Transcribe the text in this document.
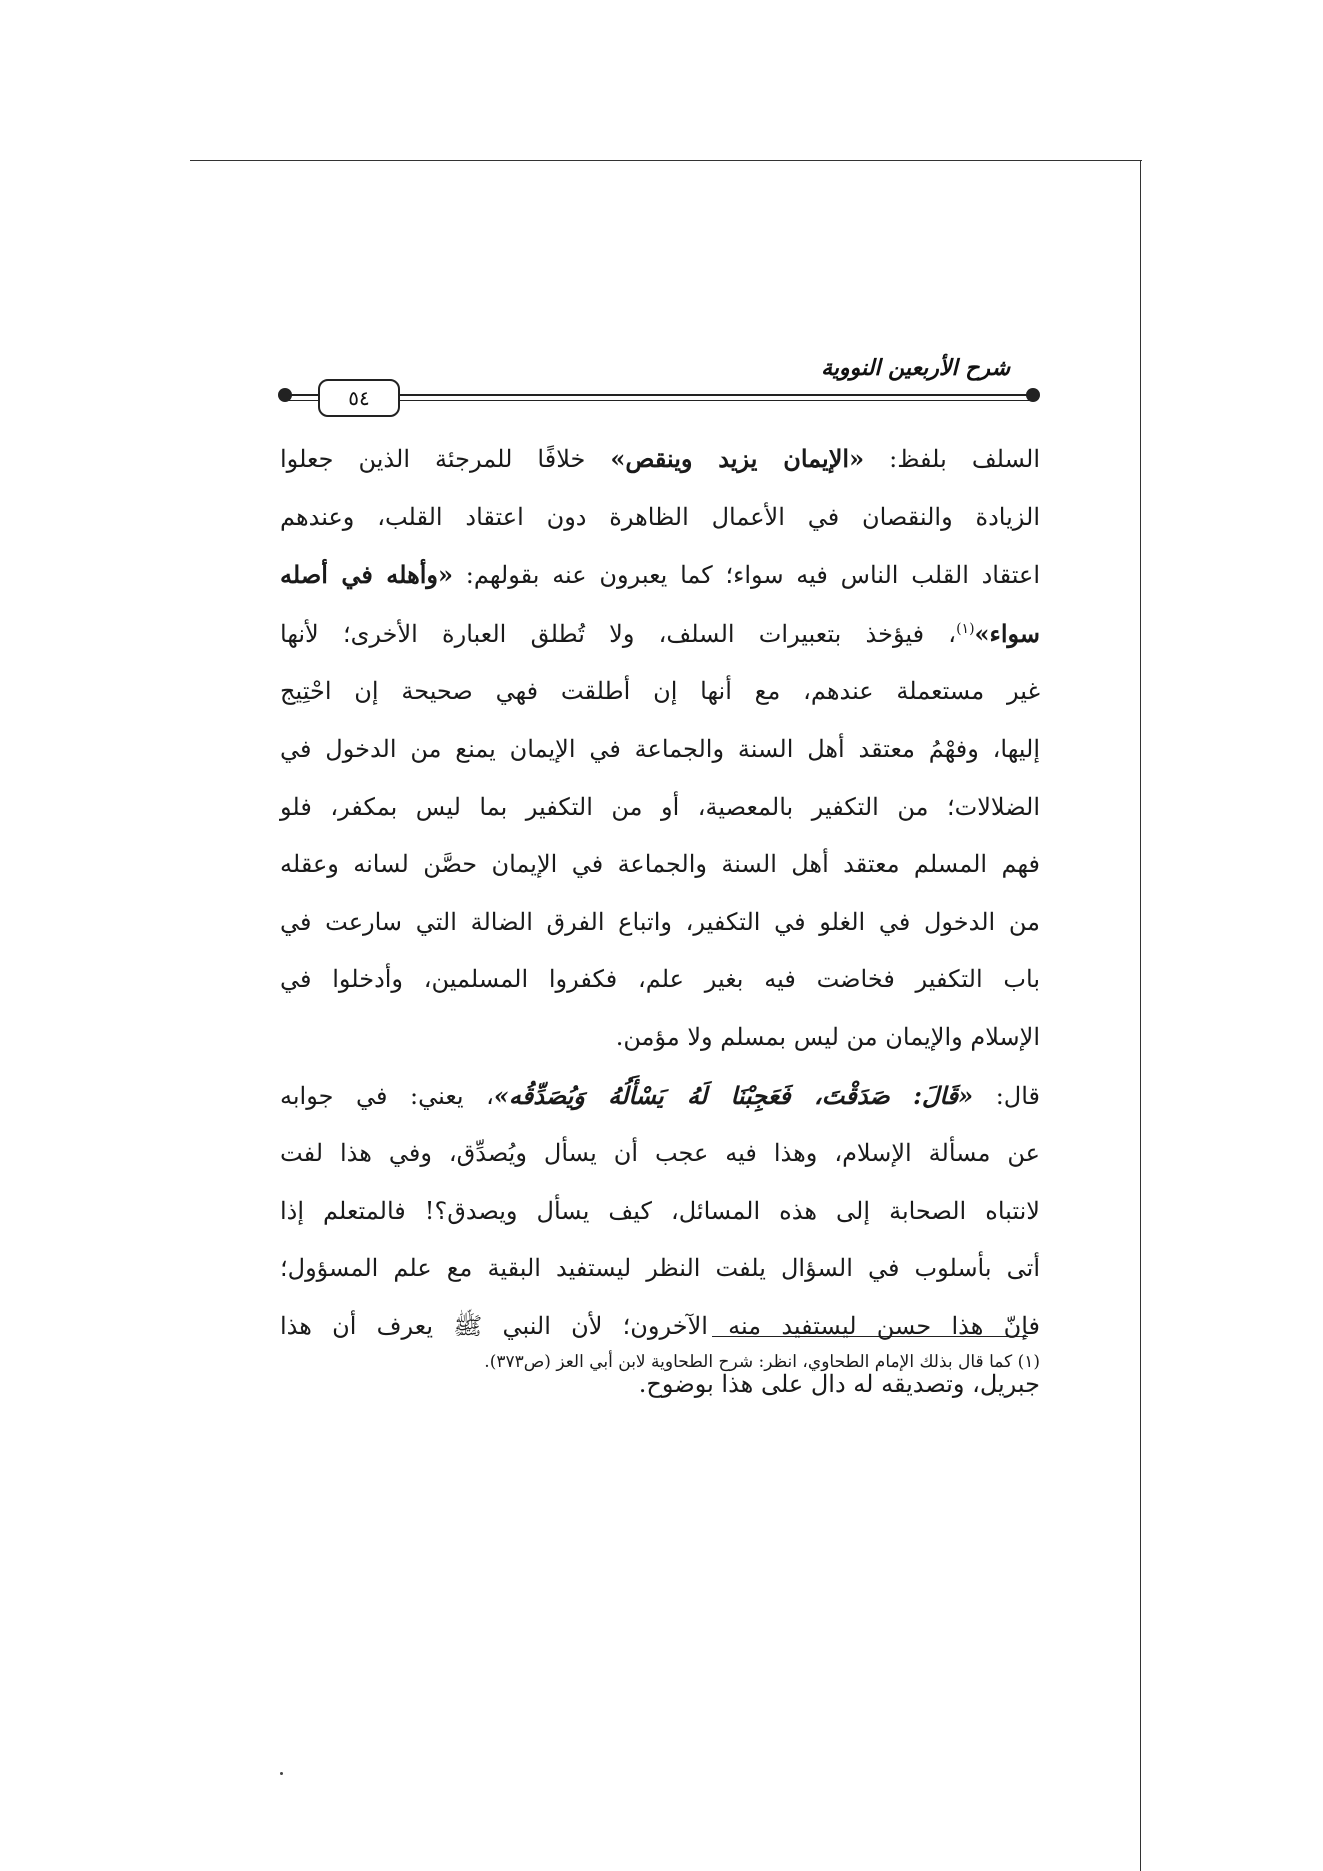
شرح الأربعين النووية
٥٤
السلف بلفظ: «الإيمان يزيد وينقص» خلافًا للمرجئة الذين جعلوا
الزيادة والنقصان في الأعمال الظاهرة دون اعتقاد القلب، وعندهم
اعتقاد القلب الناس فيه سواء؛ كما يعبرون عنه بقولهم: «وأهله في أصله
سواء»$^{(١)}$، فيؤخذ بتعبيرات السلف، ولا تُطلق العبارة الأخرى؛ لأنها
غير مستعملة عندهم، مع أنها إن أطلقت فهي صحيحة إن احْتِيج
إليها، وفهْمُ معتقد أهل السنة والجماعة في الإيمان يمنع من الدخول في
الضلالات؛ من التكفير بالمعصية، أو من التكفير بما ليس بمكفر، فلو
فهم المسلم معتقد أهل السنة والجماعة في الإيمان حصَّن لسانه وعقله
من الدخول في الغلو في التكفير، واتباع الفرق الضالة التي سارعت في
باب التكفير فخاضت فيه بغير علم، فكفروا المسلمين، وأدخلوا في
الإسلام والإيمان من ليس بمسلم ولا مؤمن.
قال: «قَالَ: صَدَقْتَ، فَعَجِبْنَا لَهُ يَسْأَلُهُ وَيُصَدِّقُه»، يعني: في جوابه
عن مسألة الإسلام، وهذا فيه عجب أن يسأل ويُصدِّق، وفي هذا لفت
لانتباه الصحابة إلى هذه المسائل، كيف يسأل ويصدق؟! فالمتعلم إذا
أتى بأسلوب في السؤال يلفت النظر ليستفيد البقية مع علم المسؤول؛
فإنّ هذا حسن ليستفيد منه الآخرون؛ لأن النبي ﷺ يعرف أن هذا
جبريل، وتصديقه له دال على هذا بوضوح.
(١) كما قال بذلك الإمام الطحاوي، انظر: شرح الطحاوية لابن أبي العز (ص٣٧٣).
